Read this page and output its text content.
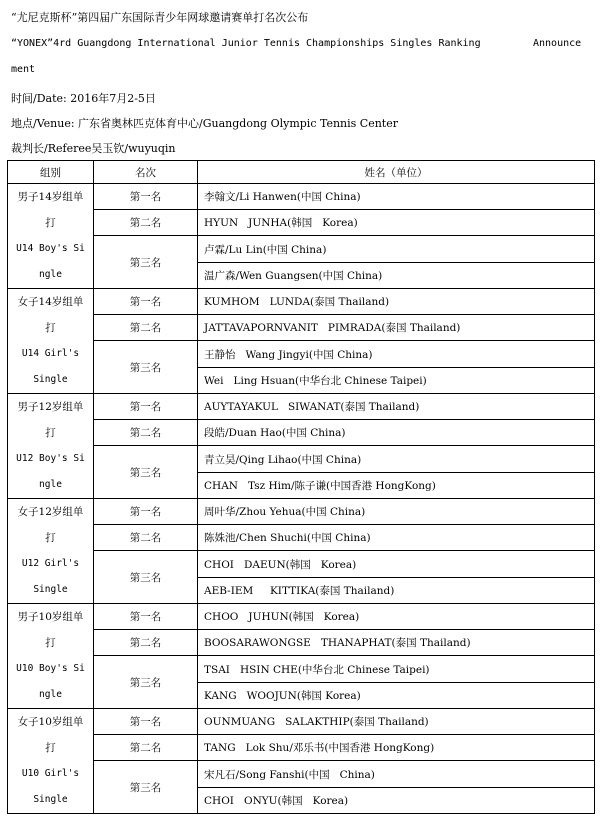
“尤尼克斯杯”第四届广东国际青少年网球邀请赛单打名次公布
“YONEX”4rd Guangdong International Junior Tennis Championships Singles Ranking	Announce
ment
时间/Date: 2016年7月2-5日
地点/Venue: 广东省奥林匹克体育中心/Guangdong Olympic Tennis Center
裁判长/Referee吴玉钦/wuyuqin
组别	名次	姓名（单位）

男子14岁组单
打
U14 Boy's Si
ngle	第一名	李翰文/Li Hanwen(中国 China)
	第二名	HYUN   JUNHA(韩国   Korea)
	第三名	卢霖/Lu Lin(中国 China)
		温广森/Wen Guangsen(中国 China)

女子14岁组单
打
U14 Girl's
Single	第一名	KUMHOM   LUNDA(泰国 Thailand)
	第二名	JATTAVAPORNVANIT   PIMRADA(泰国 Thailand)
	第三名	王静怡   Wang Jingyi(中国 China)
		Wei   Ling Hsuan(中华台北 Chinese Taipei)

男子12岁组单
打
U12 Boy's Si
ngle	第一名	AUYTAYAKUL   SIWANAT(泰国 Thailand)
	第二名	段皓/Duan Hao(中国 China)
	第三名	青立昊/Qing Lihao(中国 China)
		CHAN   Tsz Him/陈子谦(中国香港 HongKong)

女子12岁组单
打
U12 Girl's
Single	第一名	周叶华/Zhou Yehua(中国 China)
	第二名	陈姝池/Chen Shuchi(中国 China)
	第三名	CHOI   DAEUN(韩国   Korea)
		AEB-IEM     KITTIKA(泰国 Thailand)

男子10岁组单
打
U10 Boy's Si
ngle	第一名	CHOO   JUHUN(韩国   Korea)
	第二名	BOOSARAWONGSE   THANAPHAT(泰国 Thailand)
	第三名	TSAI   HSIN CHE(中华台北 Chinese Taipei)
		KANG   WOOJUN(韩国 Korea)

女子10岁组单
打
U10 Girl's
Single	第一名	OUNMUANG   SALAKTHIP(泰国 Thailand)
	第二名	TANG   Lok Shu/邓乐书(中国香港 HongKong)
	第三名	宋凡石/Song Fanshi(中国   China)
		CHOI   ONYU(韩国   Korea)
